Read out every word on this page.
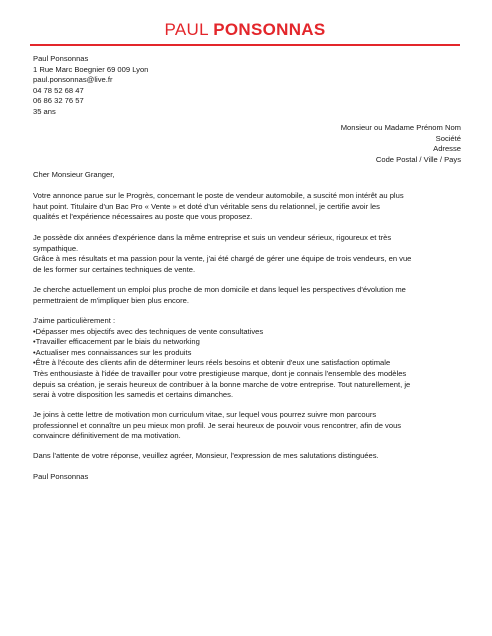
PAUL PONSONNAS
Paul Ponsonnas
1 Rue Marc Boegnier 69 009 Lyon
paul.ponsonnas@live.fr
04 78 52 68 47
06 86 32 76 57
35 ans
Monsieur ou Madame Prénom Nom
Société
Adresse
Code Postal / Ville / Pays
Cher Monsieur Granger,
Votre annonce parue sur le Progrès, concernant le poste de vendeur automobile, a suscité mon intérêt au plus
haut point. Titulaire d'un Bac Pro « Vente » et doté d'un véritable sens du relationnel, je certifie avoir les
qualités et l'expérience nécessaires au poste que vous proposez.
Je possède dix années d'expérience dans la même entreprise et suis un vendeur sérieux, rigoureux et très
sympathique.
Grâce à mes résultats et ma passion pour la vente, j'ai été chargé de gérer une équipe de trois vendeurs, en vue
de les former sur certaines techniques de vente.
Je cherche actuellement un emploi plus proche de mon domicile et dans lequel les perspectives d'évolution me
permettraient de m'impliquer bien plus encore.
J'aime particulièrement :
•Dépasser mes objectifs avec des techniques de vente consultatives
•Travailler efficacement par le biais du networking
•Actualiser mes connaissances sur les produits
•Être à l'écoute des clients afin de déterminer leurs réels besoins et obtenir d'eux une satisfaction optimale
Très enthousiaste à l'idée de travailler pour votre prestigieuse marque, dont je connais l'ensemble des modèles
depuis sa création, je serais heureux de contribuer à la bonne marche de votre entreprise. Tout naturellement, je
serai à votre disposition les samedis et certains dimanches.
Je joins à cette lettre de motivation mon curriculum vitae, sur lequel vous pourrez suivre mon parcours
professionnel et connaître un peu mieux mon profil. Je serai heureux de pouvoir vous rencontrer, afin de vous
convaincre définitivement de ma motivation.
Dans l'attente de votre réponse, veuillez agréer, Monsieur, l'expression de mes salutations distinguées.
Paul Ponsonnas
